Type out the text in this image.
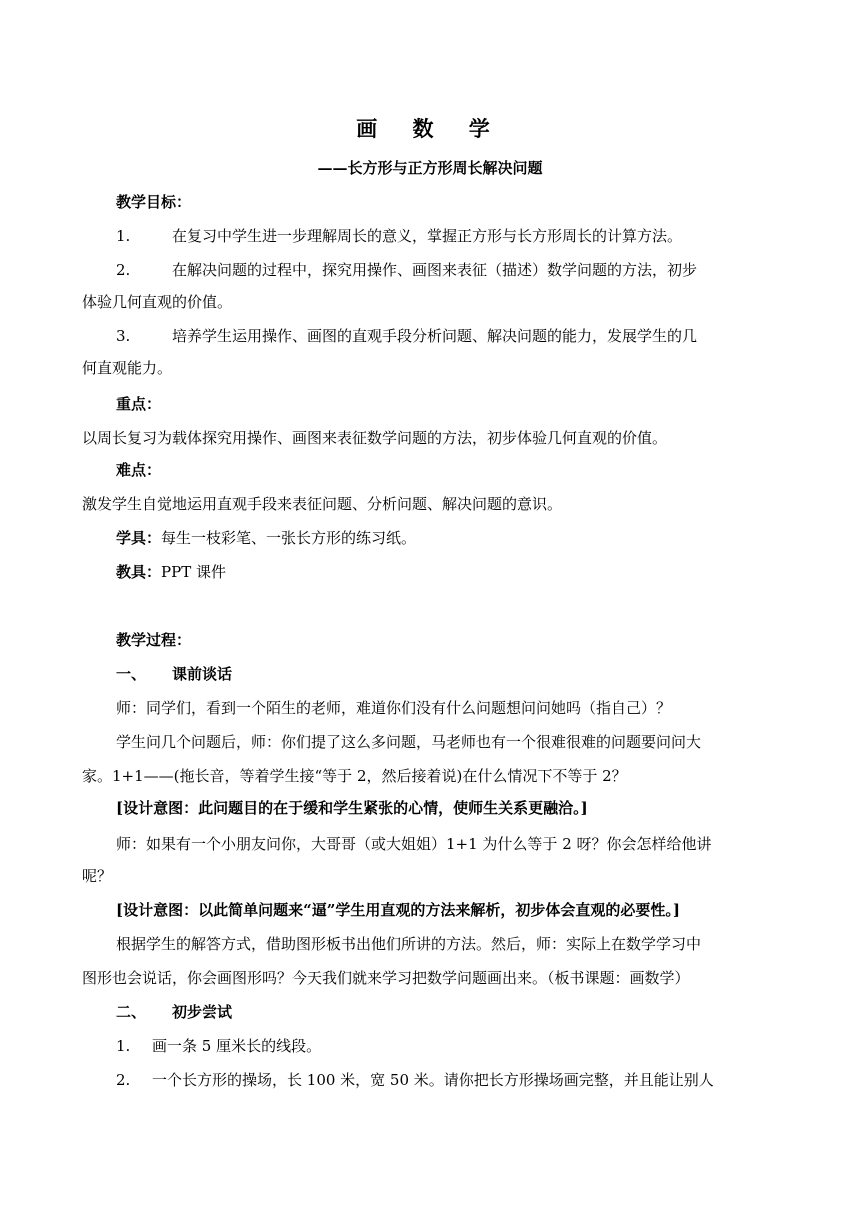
画 数 学
——长方形与正方形周长解决问题
教学目标：
1.	在复习中学生进一步理解周长的意义，掌握正方形与长方形周长的计算方法。
2.	在解决问题的过程中，探究用操作、画图来表征（描述）数学问题的方法，初步
体验几何直观的价值。
3.	培养学生运用操作、画图的直观手段分析问题、解决问题的能力，发展学生的几
何直观能力。
重点：
以周长复习为载体探究用操作、画图来表征数学问题的方法，初步体验几何直观的价值。
难点：
激发学生自觉地运用直观手段来表征问题、分析问题、解决问题的意识。
学具：每生一枝彩笔、一张长方形的练习纸。
教具：PPT 课件
教学过程：
一、 课前谈话
师：同学们，看到一个陌生的老师，难道你们没有什么问题想问问她吗（指自己）？
学生问几个问题后，师：你们提了这么多问题，马老师也有一个很难很难的问题要问问大
家。1+1——(拖长音，等着学生接“等于 2，然后接着说)在什么情况下不等于 2？
[设计意图：此问题目的在于缓和学生紧张的心情，使师生关系更融洽。]
师：如果有一个小朋友问你，大哥哥（或大姐姐）1+1 为什么等于 2 呀？你会怎样给他讲
呢？
[设计意图：以此简单问题来“逼”学生用直观的方法来解析，初步体会直观的必要性。]
根据学生的解答方式，借助图形板书出他们所讲的方法。然后，师：实际上在数学学习中
图形也会说话，你会画图形吗？今天我们就来学习把数学问题画出来。（板书课题：画数学）
二、 初步尝试
1. 画一条 5 厘米长的线段。
2. 一个长方形的操场，长 100 米，宽 50 米。请你把长方形操场画完整，并且能让别人
